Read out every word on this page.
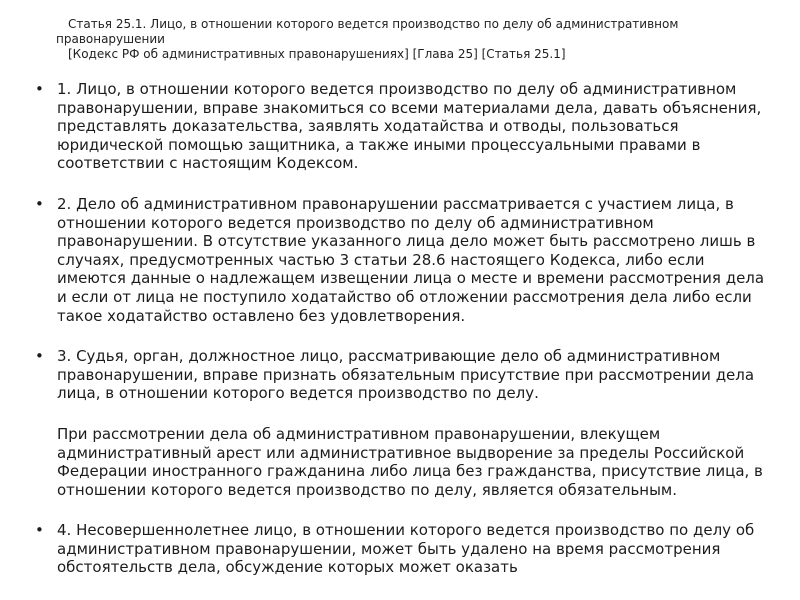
Статья 25.1. Лицо, в отношении которого ведется производство по делу об административном правонарушении
[Кодекс РФ об административных правонарушениях] [Глава 25] [Статья 25.1]
• 1. Лицо, в отношении которого ведется производство по делу об административном правонарушении, вправе знакомиться со всеми материалами дела, давать объяснения, представлять доказательства, заявлять ходатайства и отводы, пользоваться юридической помощью защитника, а также иными процессуальными правами в соответствии с настоящим Кодексом.
• 2. Дело об административном правонарушении рассматривается с участием лица, в отношении которого ведется производство по делу об административном правонарушении. В отсутствие указанного лица дело может быть рассмотрено лишь в случаях, предусмотренных частью 3 статьи 28.6 настоящего Кодекса, либо если имеются данные о надлежащем извещении лица о месте и времени рассмотрения дела и если от лица не поступило ходатайство об отложении рассмотрения дела либо если такое ходатайство оставлено без удовлетворения.
• 3. Судья, орган, должностное лицо, рассматривающие дело об административном правонарушении, вправе признать обязательным присутствие при рассмотрении дела лица, в отношении которого ведется производство по делу.
При рассмотрении дела об административном правонарушении, влекущем административный арест или административное выдворение за пределы Российской Федерации иностранного гражданина либо лица без гражданства, присутствие лица, в отношении которого ведется производство по делу, является обязательным.
• 4. Несовершеннолетнее лицо, в отношении которого ведется производство по делу об административном правонарушении, может быть удалено на время рассмотрения обстоятельств дела, обсуждение которых может оказать
